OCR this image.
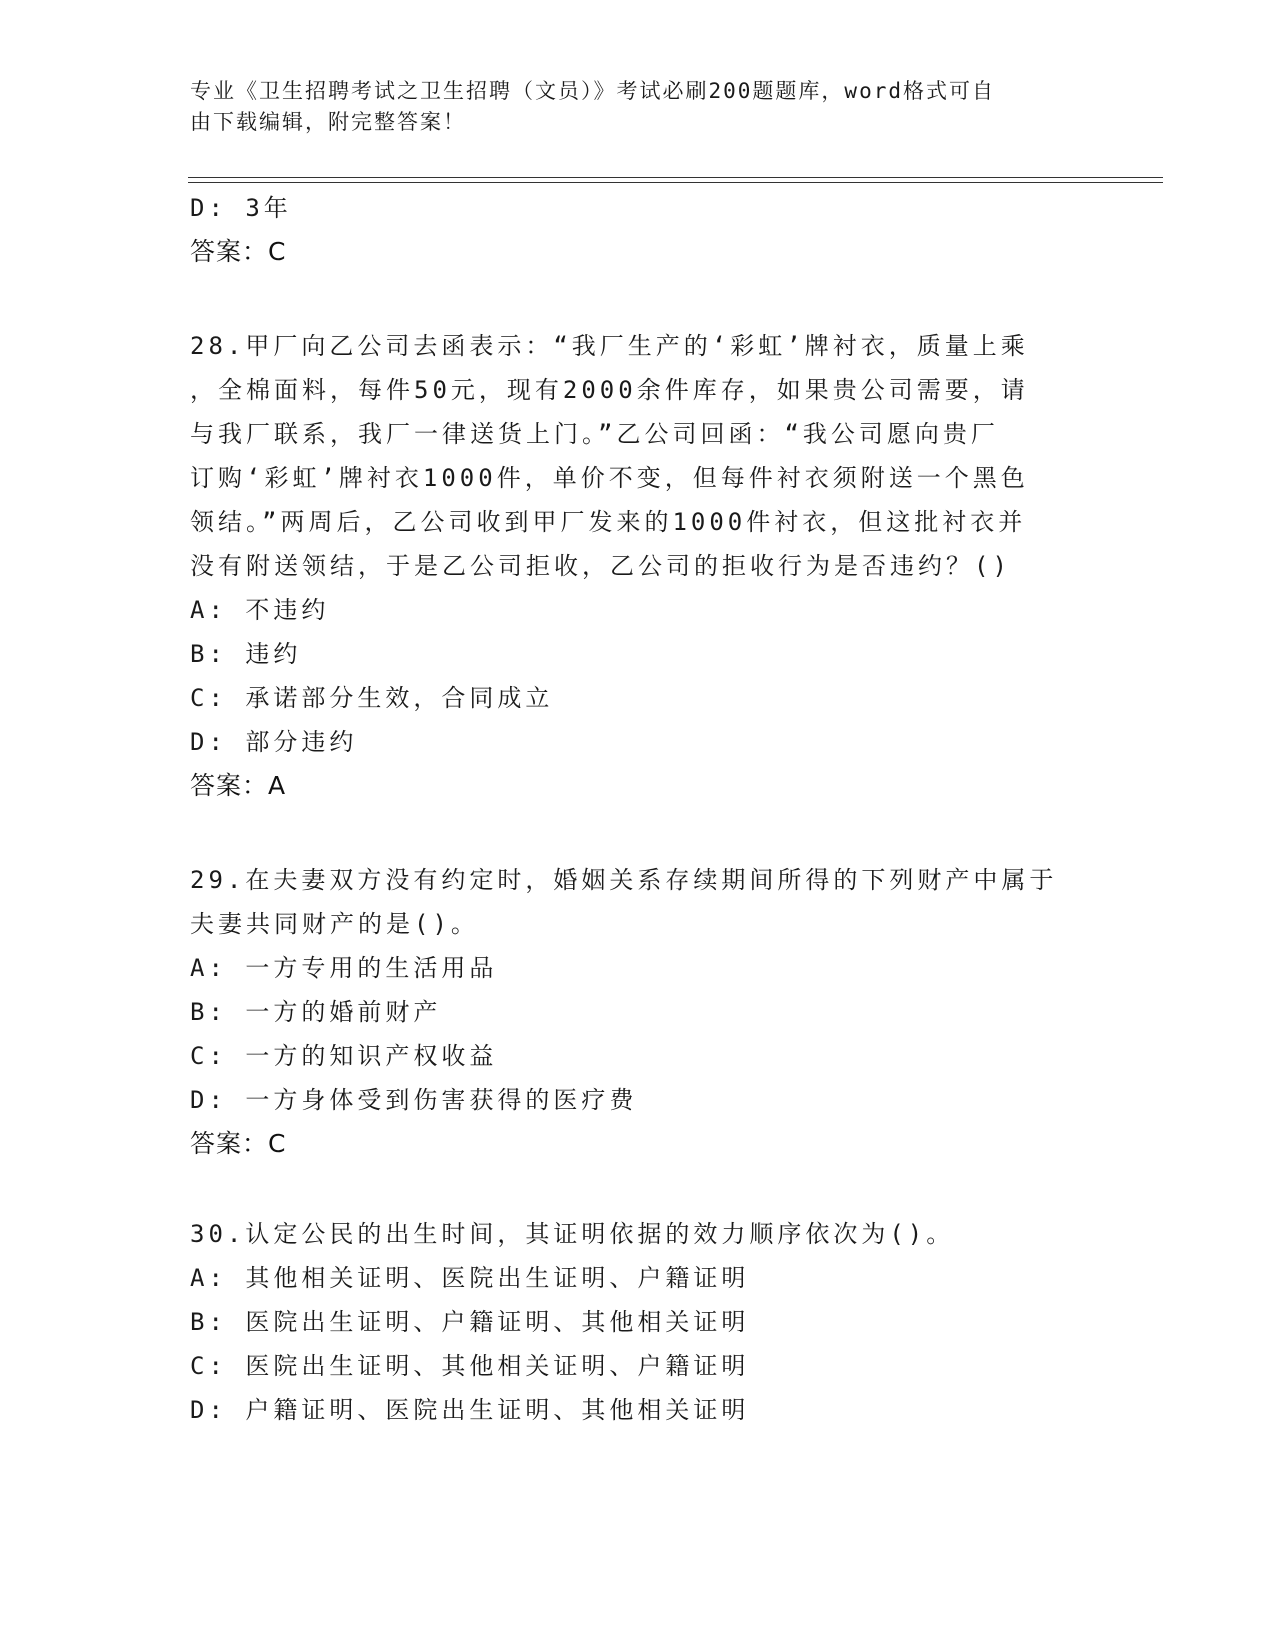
专业《卫生招聘考试之卫生招聘（文员）》考试必刷200题题库，word格式可自
由下载编辑，附完整答案！
D: 3年
答案：C
28.甲厂向乙公司去函表示：“我厂生产的‘彩虹’牌衬衣，质量上乘
，全棉面料，每件50元，现有2000余件库存，如果贵公司需要，请
与我厂联系，我厂一律送货上门。”乙公司回函：“我公司愿向贵厂
订购‘彩虹’牌衬衣1000件，单价不变，但每件衬衣须附送一个黑色
领结。”两周后，乙公司收到甲厂发来的1000件衬衣，但这批衬衣并
没有附送领结，于是乙公司拒收，乙公司的拒收行为是否违约？()
A: 不违约
B: 违约
C: 承诺部分生效，合同成立
D: 部分违约
答案：A
29.在夫妻双方没有约定时，婚姻关系存续期间所得的下列财产中属于
夫妻共同财产的是()。
A: 一方专用的生活用品
B: 一方的婚前财产
C: 一方的知识产权收益
D: 一方身体受到伤害获得的医疗费
答案：C
30.认定公民的出生时间，其证明依据的效力顺序依次为()。
A: 其他相关证明、医院出生证明、户籍证明
B: 医院出生证明、户籍证明、其他相关证明
C: 医院出生证明、其他相关证明、户籍证明
D: 户籍证明、医院出生证明、其他相关证明
